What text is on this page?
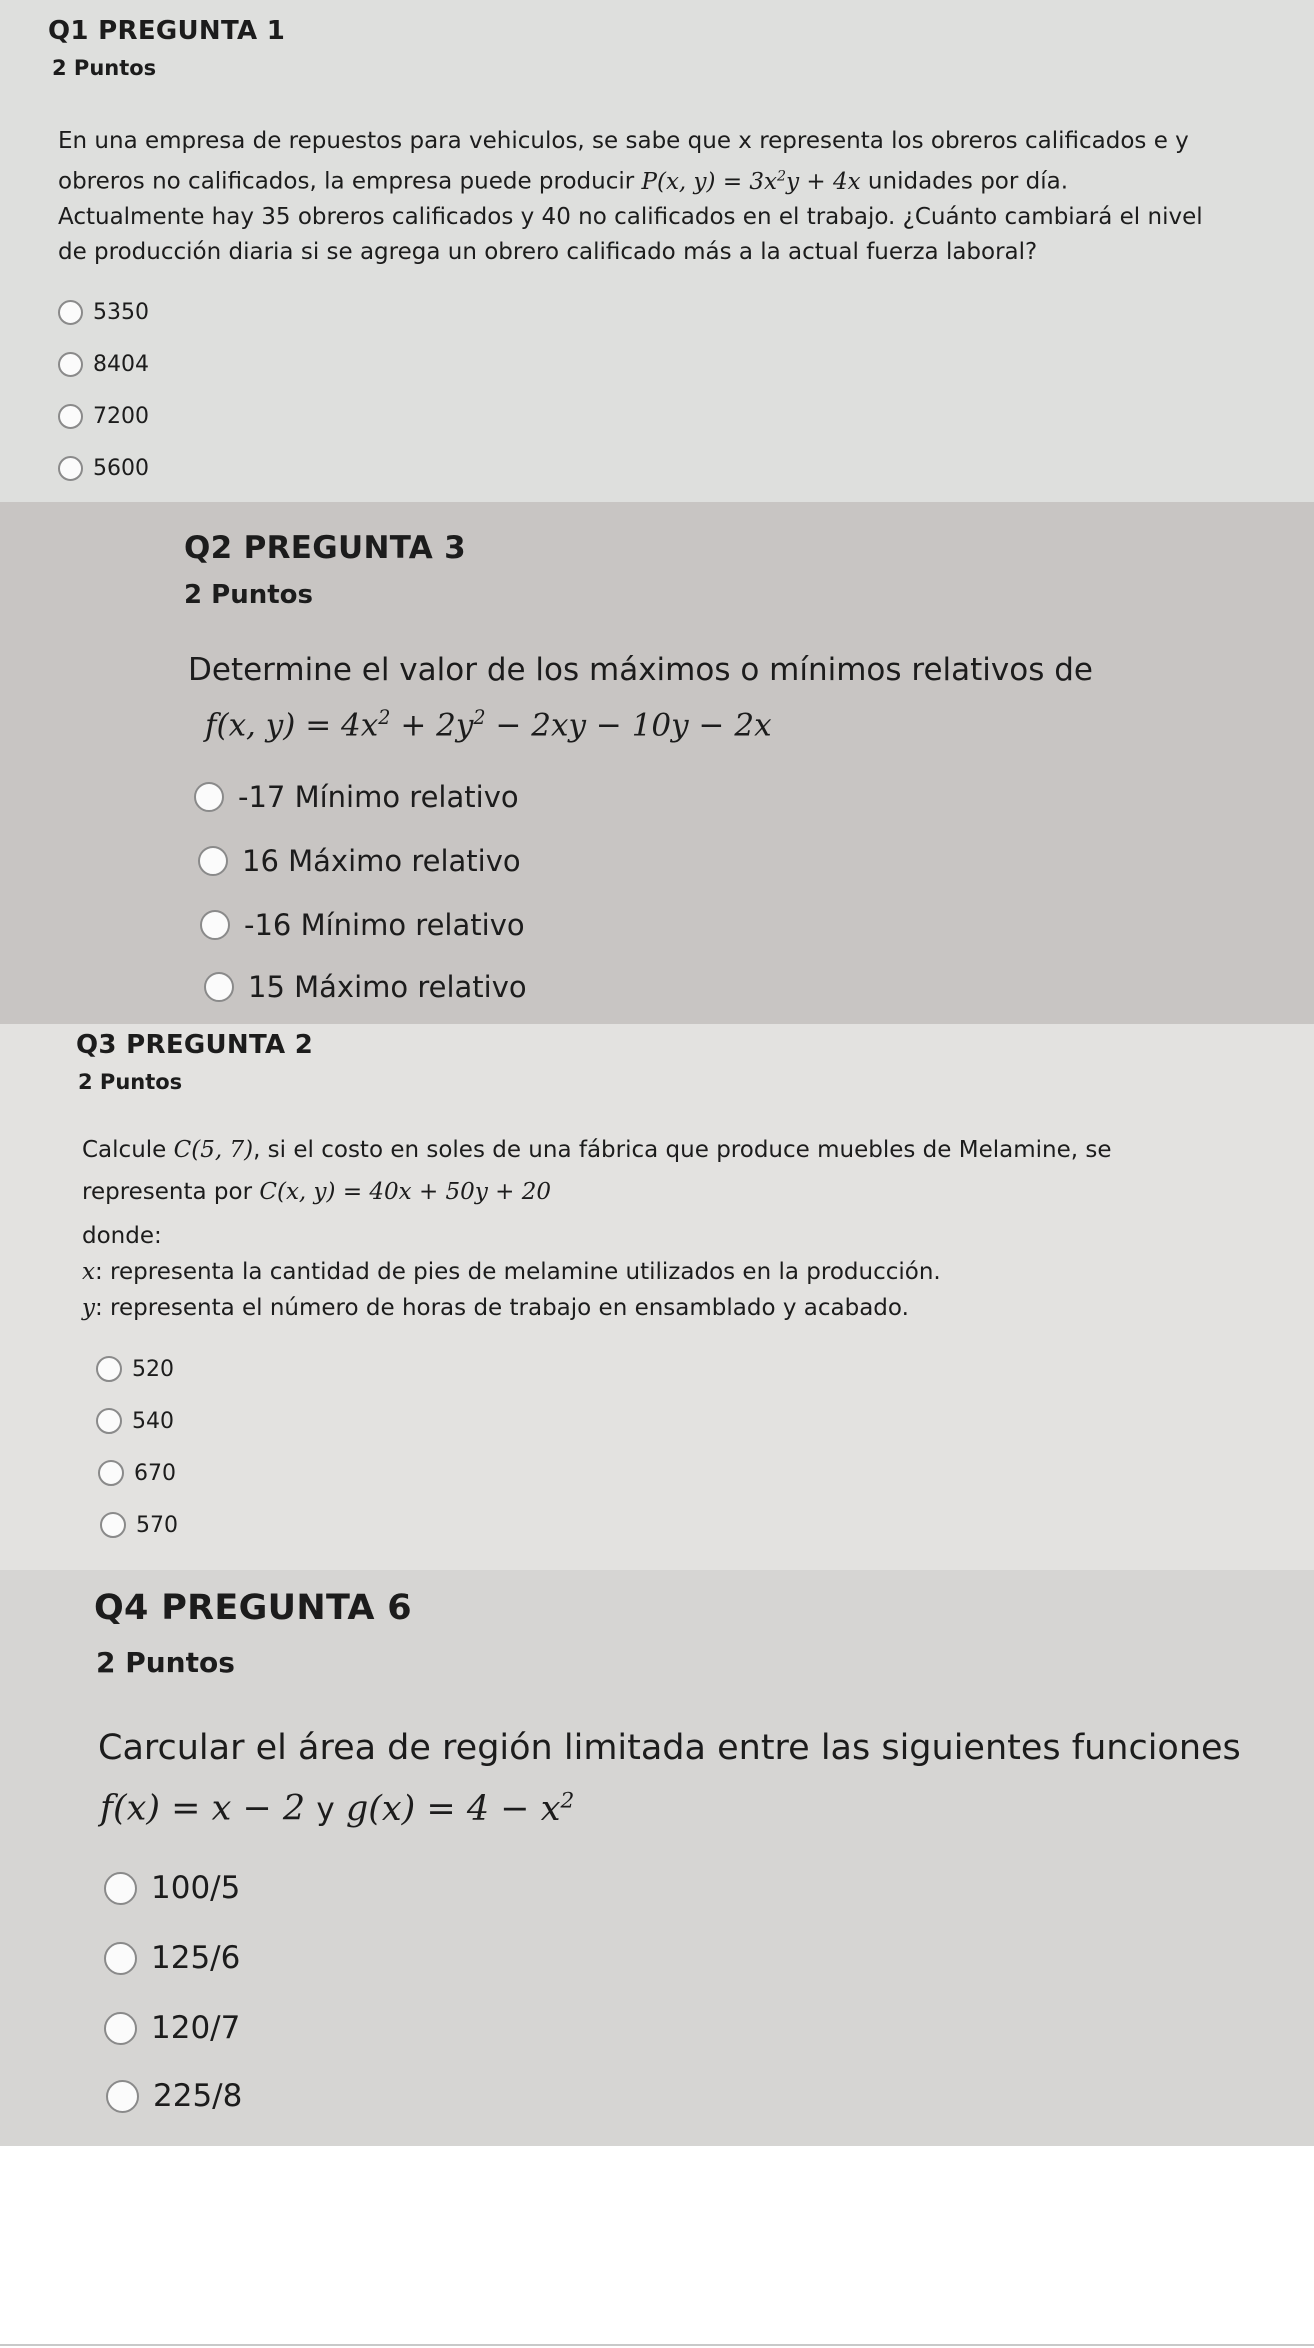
Q1 PREGUNTA 1
2 Puntos
En una empresa de repuestos para vehiculos, se sabe que x representa los obreros calificados e y
obreros no calificados, la empresa puede producir P(x, $y) = 3x^2y + 4x$ unidades por día.
Actualmente hay 35 obreros calificados y 40 no calificados en el trabajo. ¿Cuánto cambiará el nivel
de producción diaria si se agrega un obrero calificado más a la actual fuerza laboral?
5350
8404
7200
5600
Q2 PREGUNTA 3
2 Puntos
Determine el valor de los máximos o mínimos relativos de
f(x, $y) = 4x^2 + 2y^2 - 2xy - 10y - 2x$
-17 Mínimo relativo
16 Máximo relativo
-16 Mínimo relativo
15 Máximo relativo
Q3 PREGUNTA 2
2 Puntos
Calcule C(5, 7), si el costo en soles de una fábrica que produce muebles de Melamine, se
representa por C(x, y) = 40x + 50y + 20
donde:
x: representa la cantidad de pies de melamine utilizados en la producción.
y: representa el número de horas de trabajo en ensamblado y acabado.
520
540
670
570
Q4 PREGUNTA 6
2 Puntos
Carcular el área de región limitada entre las siguientes funciones
f(x) = x − 2 y $g(x) = 4 - x^2$
100/5
125/6
120/7
225/8
